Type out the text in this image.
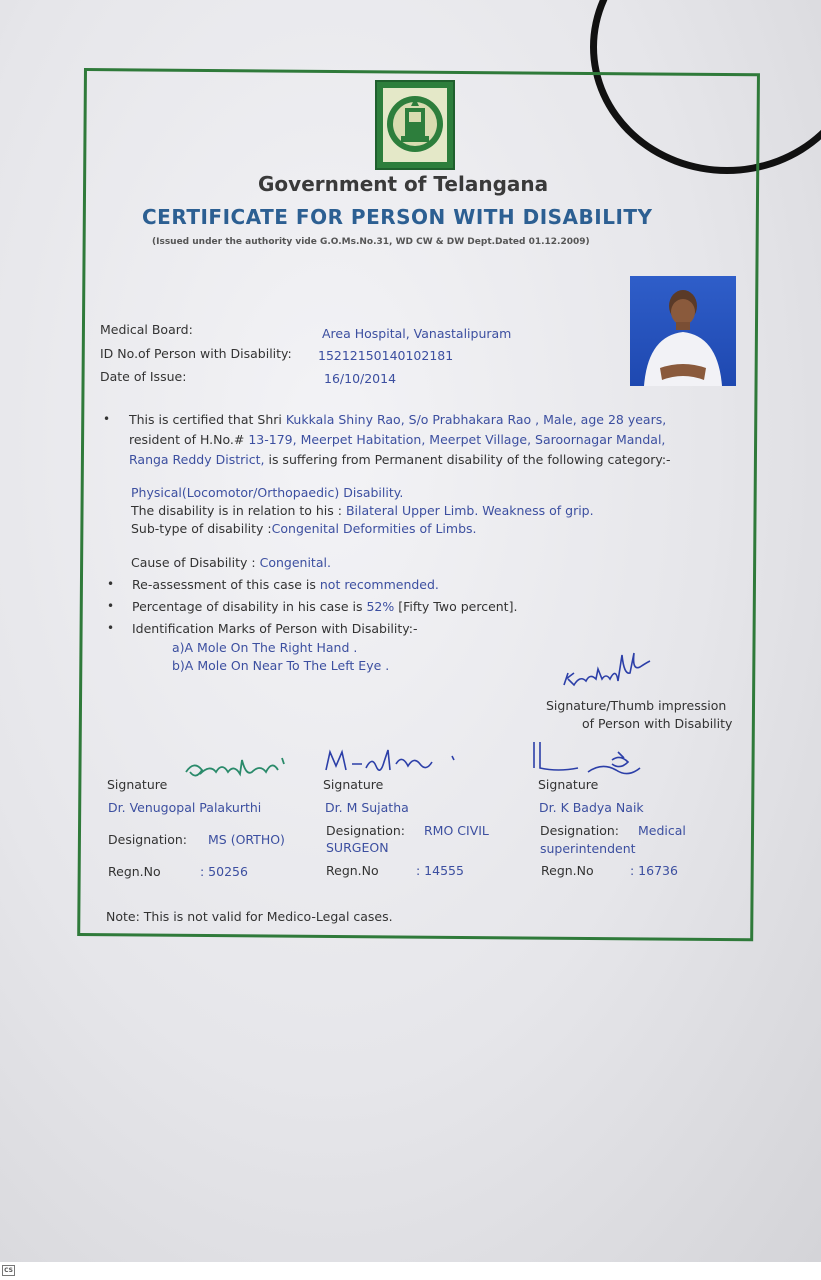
Government of Telangana
CERTIFICATE FOR PERSON WITH DISABILITY
(Issued under the authority vide G.O.Ms.No.31, WD CW & DW Dept.Dated 01.12.2009)
Medical Board:	Area Hospital, Vanastalipuram
ID No.of Person with Disability: 15212150140102181
Date of Issue:	16/10/2014
• This is certified that Shri Kukkala Shiny Rao, S/o Prabhakara Rao , Male, age 28 years,
resident of H.No.# 13-179, Meerpet Habitation, Meerpet Village, Saroornagar Mandal,
Ranga Reddy District, is suffering from Permanent disability of the following category:-
Physical(Locomotor/Orthopaedic) Disability.
The disability is in relation to his : Bilateral Upper Limb. Weakness of grip.
Sub-type of disability :Congenital Deformities of Limbs.
Cause of Disability : Congenital.
• Re-assessment of this case is not recommended.
• Percentage of disability in his case is 52% [Fifty Two percent].
• Identification Marks of Person with Disability:-
a)A Mole On The Right Hand .
b)A Mole On Near To The Left Eye .
Signature/Thumb impression
of Person with Disability
Signature
Dr. Venugopal Palakurthi
Designation: MS (ORTHO)
Regn.No	: 50256
Signature
Dr. M Sujatha
Designation: RMO CIVIL
SURGEON
Regn.No	: 14555
Signature
Dr. K Badya Naik
Designation: Medical
superintendent
Regn.No	: 16736
Note: This is not valid for Medico-Legal cases.
CS
